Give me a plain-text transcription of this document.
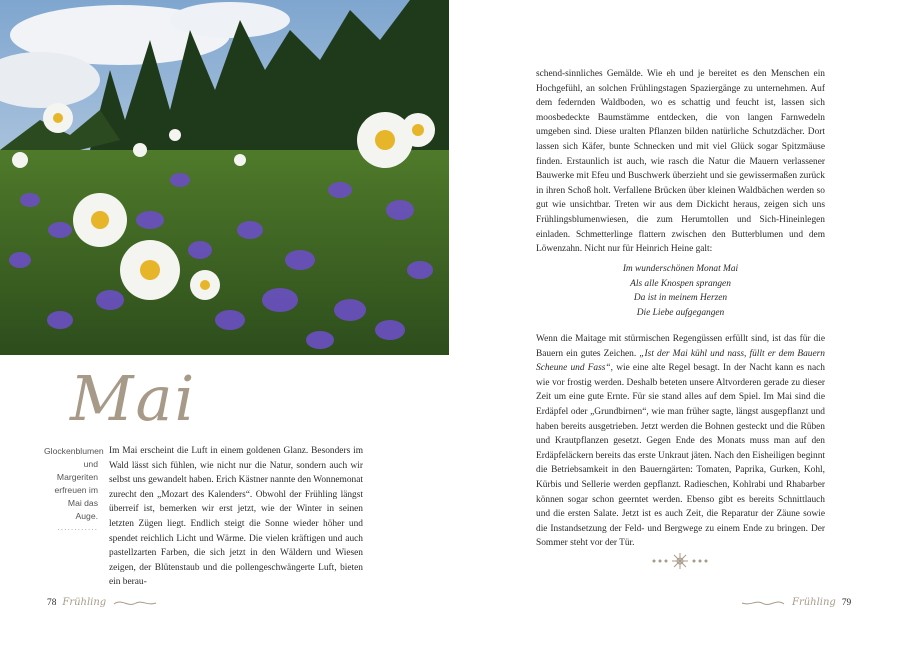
Mai
Glockenblumen und Margeriten erfreuen im Mai das Auge.
............

Im Mai erscheint die Luft in einem goldenen Glanz. Besonders im Wald lässt sich fühlen, wie nicht nur die Natur, sondern auch wir selbst uns gewandelt haben. Erich Kästner nannte den Wonnemonat zurecht den „Mozart des Kalenders“. Obwohl der Frühling längst überreif ist, bemerken wir erst jetzt, wie der Winter in seinen letzten Zügen liegt. Endlich steigt die Sonne wieder höher und spendet reichlich Licht und Wärme. Die vielen kräftigen und auch pastellzarten Farben, die sich jetzt in den Wäldern und Wiesen zeigen, der Blütenstaub und die pollengeschwängerte Luft, bieten ein berau-

78 Frühling

schend-sinnliches Gemälde. Wie eh und je bereitet es den Menschen ein Hochgefühl, an solchen Frühlingstagen Spaziergänge zu unternehmen. Auf dem federnden Waldboden, wo es schattig und feucht ist, lassen sich moosbedeckte Baumstämme entdecken, die von langen Farnwedeln umgeben sind. Diese uralten Pflanzen bilden natürliche Schutzdächer. Dort lassen sich Käfer, bunte Schnecken und mit viel Glück sogar Spitzmäuse finden. Erstaunlich ist auch, wie rasch die Natur die Mauern verlassener Bauwerke mit Efeu und Buschwerk überzieht und sie gewissermaßen zurück in ihren Schoß holt. Verfallene Brücken über kleinen Waldbächen werden so gut wie unsichtbar. Treten wir aus dem Dickicht heraus, zeigen sich uns Frühlingsblumenwiesen, die zum Herumtollen und Sich-Hineinlegen einladen. Schmetterlinge flattern zwischen den Butterblumen und dem Löwenzahn. Nicht nur für Heinrich Heine galt:

Im wunderschönen Monat Mai
Als alle Knospen sprangen
Da ist in meinem Herzen
Die Liebe aufgegangen

Wenn die Maitage mit stürmischen Regengüssen erfüllt sind, ist das für die Bauern ein gutes Zeichen. „Ist der Mai kühl und nass, füllt er dem Bauern Scheune und Fass“, wie eine alte Regel besagt. In der Nacht kann es nach wie vor frostig werden. Deshalb beteten unsere Altvorderen gerade zu dieser Zeit um eine gute Ernte. Für sie stand alles auf dem Spiel. Im Mai sind die Erdäpfel oder „Grundbirnen“, wie man früher sagte, längst ausgepflanzt und haben bereits ausgetrieben. Jetzt werden die Bohnen gesteckt und die Rüben und Krautpflanzen gesetzt. Gegen Ende des Monats muss man auf den Erdäpfeläckern bereits das erste Unkraut jäten. Nach den Eisheiligen beginnt die Betriebsamkeit in den Bauerngärten: Tomaten, Paprika, Gurken, Kohl, Kürbis und Sellerie werden gepflanzt. Radieschen, Kohlrabi und Rhabarber können sogar schon geerntet werden. Ebenso gibt es bereits Schnittlauch und die ersten Salate. Jetzt ist es auch Zeit, die Reparatur der Zäune sowie die Instandsetzung der Feld- und Bergwege zu einem Ende zu bringen. Der Sommer steht vor der Tür.

Frühling 79
